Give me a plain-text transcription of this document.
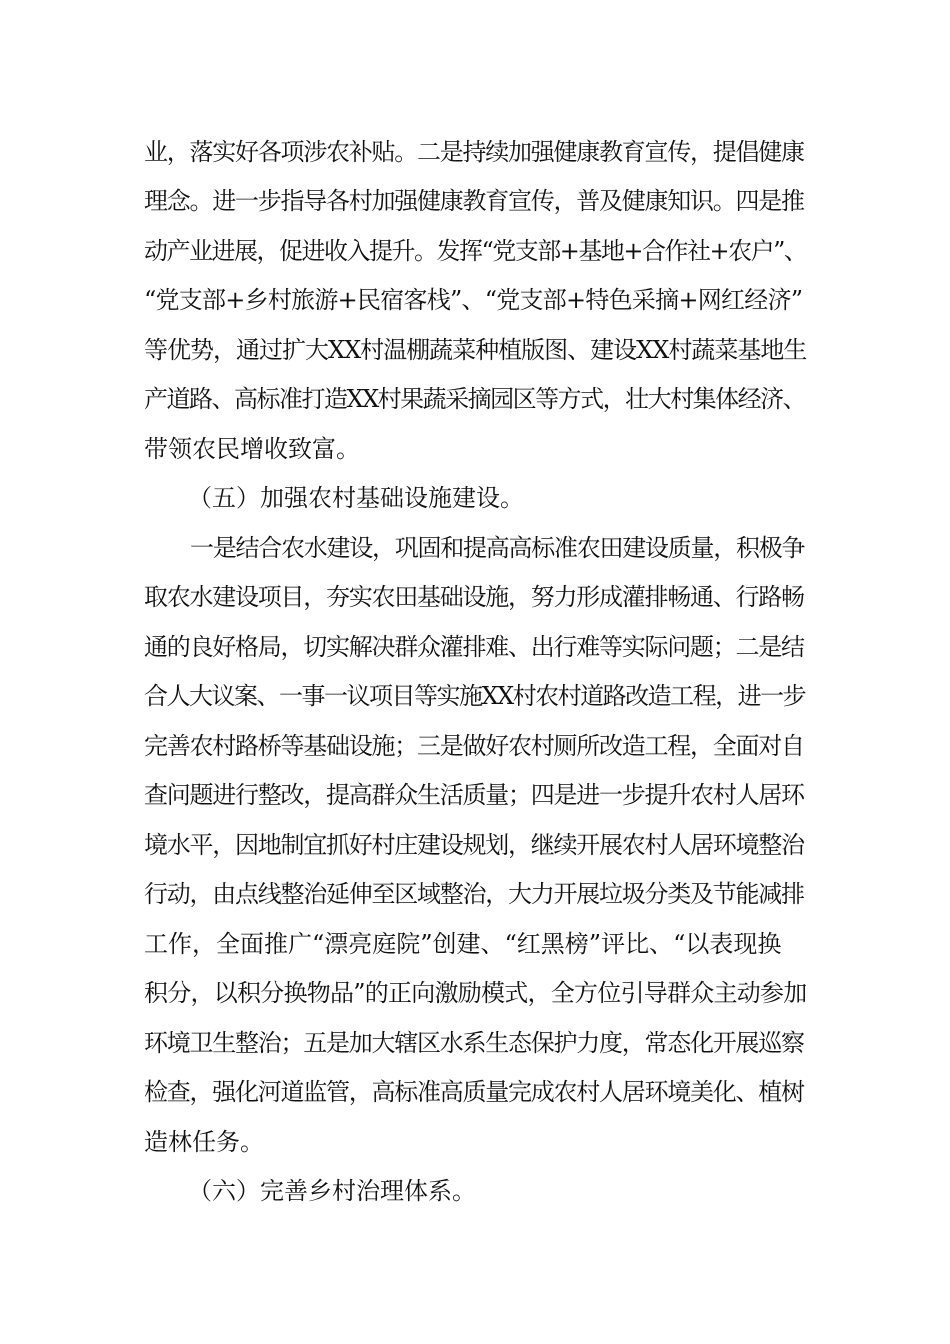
业，落实好各项涉农补贴。二是持续加强健康教育宣传，提倡健康
理念。进一步指导各村加强健康教育宣传，普及健康知识。四是推
动产业进展，促进收入提升。发挥“党支部+基地+合作社+农户”、
“党支部+乡村旅游+民宿客栈”、“党支部+特色采摘+网红经济”
等优势，通过扩大XX村温棚蔬菜种植版图、建设XX村蔬菜基地生
产道路、高标准打造XX村果蔬采摘园区等方式，壮大村集体经济、
带领农民增收致富。
（五）加强农村基础设施建设。
一是结合农水建设，巩固和提高高标准农田建设质量，积极争
取农水建设项目，夯实农田基础设施，努力形成灌排畅通、行路畅
通的良好格局，切实解决群众灌排难、出行难等实际问题；二是结
合人大议案、一事一议项目等实施XX村农村道路改造工程，进一步
完善农村路桥等基础设施；三是做好农村厕所改造工程，全面对自
查问题进行整改，提高群众生活质量；四是进一步提升农村人居环
境水平，因地制宜抓好村庄建设规划，继续开展农村人居环境整治
行动，由点线整治延伸至区域整治，大力开展垃圾分类及节能减排
工作，全面推广“漂亮庭院”创建、“红黑榜”评比、“以表现换
积分，以积分换物品”的正向激励模式，全方位引导群众主动参加
环境卫生整治；五是加大辖区水系生态保护力度，常态化开展巡察
检查，强化河道监管，高标准高质量完成农村人居环境美化、植树
造林任务。
（六）完善乡村治理体系。
